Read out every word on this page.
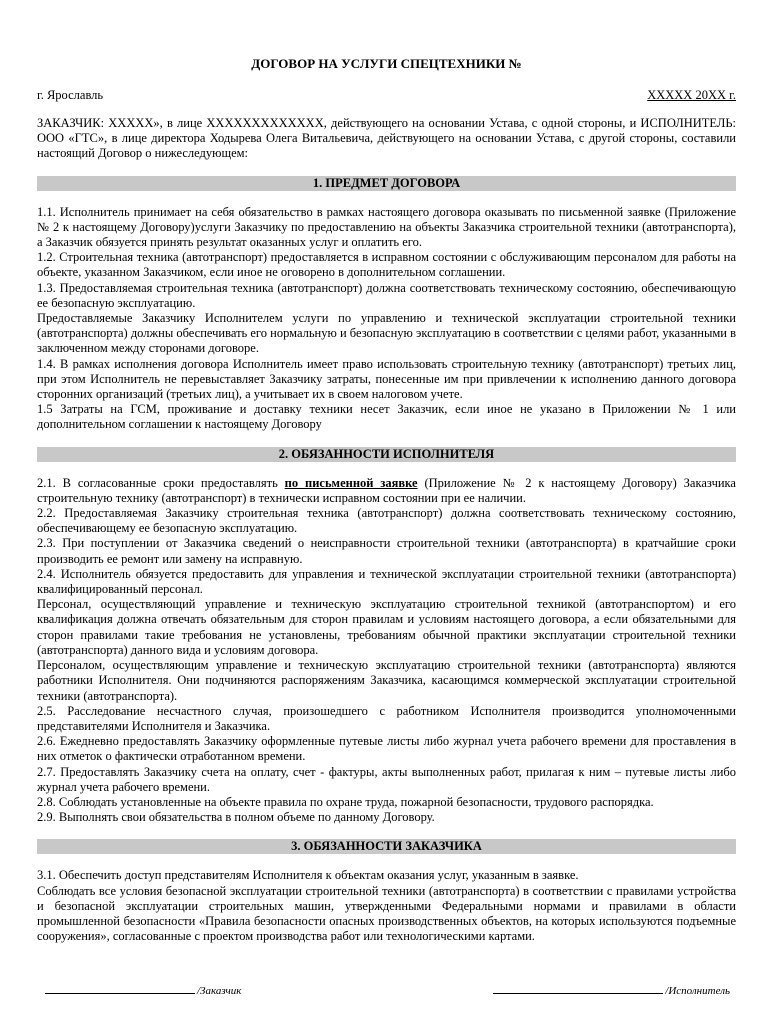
ДОГОВОР НА УСЛУГИ СПЕЦТЕХНИКИ №

г. Ярославль	XXXXX 20XX г.

ЗАКАЗЧИК: XXXXX», в лице XXXXXXXXXXXXX, действующего на основании Устава, с одной стороны, и ИСПОЛНИТЕЛЬ: ООО «ГТС», в лице директора Ходырева Олега Витальевича, действующего на основании Устава, с другой стороны, составили настоящий Договор о нижеследующем:

1. ПРЕДМЕТ ДОГОВОРА

1.1. Исполнитель принимает на себя обязательство в рамках настоящего договора оказывать по письменной заявке (Приложение № 2 к настоящему Договору)услуги Заказчику по предоставлению на объекты Заказчика строительной техники (автотранспорта), а Заказчик обязуется принять результат оказанных услуг и оплатить его.

1.2. Строительная техника (автотранспорт) предоставляется в исправном состоянии с обслуживающим персоналом для работы на объекте, указанном Заказчиком, если иное не оговорено в дополнительном соглашении.

1.3. Предоставляемая строительная техника (автотранспорт) должна соответствовать техническому состоянию, обеспечивающую ее безопасную эксплуатацию.

Предоставляемые Заказчику Исполнителем услуги по управлению и технической эксплуатации строительной техники (автотранспорта) должны обеспечивать его нормальную и безопасную эксплуатацию в соответствии с целями работ, указанными в заключенном между сторонами договоре.

1.4. В рамках исполнения договора Исполнитель имеет право использовать строительную технику (автотранспорт) третьих лиц, при этом Исполнитель не перевыставляет Заказчику затраты, понесенные им при привлечении к исполнению данного договора сторонних организаций (третьих лиц), а учитывает их в своем налоговом учете.

1.5 Затраты на ГСМ, проживание и доставку техники несет Заказчик, если иное не указано в Приложении № 1 или дополнительном соглашении к настоящему Договору

2. ОБЯЗАННОСТИ ИСПОЛНИТЕЛЯ

2.1. В согласованные сроки предоставлять по письменной заявке (Приложение № 2 к настоящему Договору) Заказчика строительную технику (автотранспорт) в технически исправном состоянии при ее наличии.

2.2. Предоставляемая Заказчику строительная техника (автотранспорт) должна соответствовать техническому состоянию, обеспечивающему ее безопасную эксплуатацию.

2.3. При поступлении от Заказчика сведений о неисправности строительной техники (автотранспорта) в кратчайшие сроки производить ее ремонт или замену на исправную.

2.4. Исполнитель обязуется предоставить для управления и технической эксплуатации строительной техники (автотранспорта) квалифицированный персонал.

Персонал, осуществляющий управление и техническую эксплуатацию строительной техникой (автотранспортом) и его квалификация должна отвечать обязательным для сторон правилам и условиям настоящего договора, а если обязательными для сторон правилами такие требования не установлены, требованиям обычной практики эксплуатации строительной техники (автотранспорта) данного вида и условиям договора.

Персоналом, осуществляющим управление и техническую эксплуатацию строительной техники (автотранспорта) являются работники Исполнителя. Они подчиняются распоряжениям Заказчика, касающимся коммерческой эксплуатации строительной техники (автотранспорта).

2.5. Расследование несчастного случая, произошедшего с работником Исполнителя производится уполномоченными представителями Исполнителя и Заказчика.

2.6. Ежедневно предоставлять Заказчику оформленные путевые листы либо журнал учета рабочего времени для проставления в них отметок о фактически отработанном времени.

2.7. Предоставлять Заказчику счета на оплату, счет - фактуры, акты выполненных работ, прилагая к ним – путевые листы либо журнал учета рабочего времени.

2.8. Соблюдать установленные на объекте правила по охране труда, пожарной безопасности, трудового распорядка.

2.9. Выполнять свои обязательства в полном объеме по данному Договору.

3. ОБЯЗАННОСТИ ЗАКАЗЧИКА

3.1. Обеспечить доступ представителям Исполнителя к объектам оказания услуг, указанным в заявке.

Соблюдать все условия безопасной эксплуатации строительной техники (автотранспорта) в соответствии с правилами устройства и безопасной эксплуатации строительных машин, утвержденными Федеральными нормами и правилами в области промышленной безопасности «Правила безопасности опасных производственных объектов, на которых используются подъемные сооружения», согласованные с проектом производства работ или технологическими картами.

/Заказчик	/Исполнитель
